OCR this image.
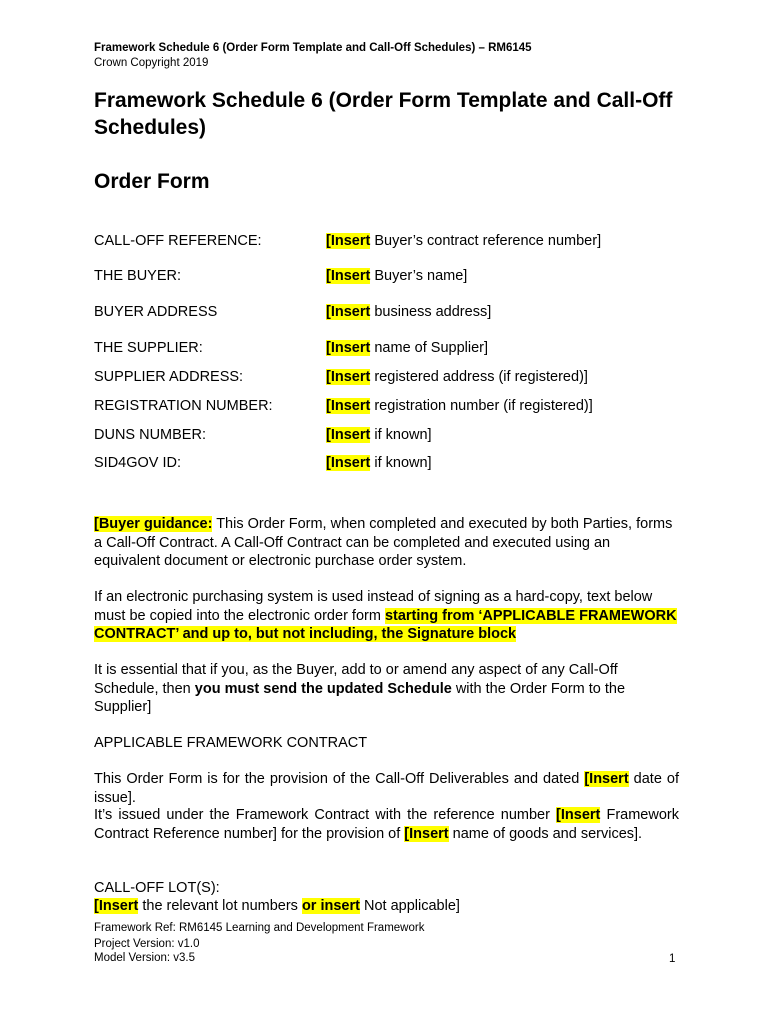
Framework Schedule 6 (Order Form Template and Call-Off Schedules) – RM6145
Crown Copyright 2019
Framework Schedule 6 (Order Form Template and Call-Off Schedules)
Order Form
CALL-OFF REFERENCE:	[Insert Buyer’s contract reference number]
THE BUYER:	[Insert Buyer’s name]
BUYER ADDRESS	[Insert business address]
THE SUPPLIER:	[Insert name of Supplier]
SUPPLIER ADDRESS:	[Insert registered address (if registered)]
REGISTRATION NUMBER:	[Insert registration number (if registered)]
DUNS NUMBER:	[Insert if known]
SID4GOV ID:	[Insert if known]
[Buyer guidance: This Order Form, when completed and executed by both Parties, forms a Call-Off Contract. A Call-Off Contract can be completed and executed using an equivalent document or electronic purchase order system.
If an electronic purchasing system is used instead of signing as a hard-copy, text below must be copied into the electronic order form starting from ‘APPLICABLE FRAMEWORK CONTRACT’ and up to, but not including, the Signature block
It is essential that if you, as the Buyer, add to or amend any aspect of any Call-Off Schedule, then you must send the updated Schedule with the Order Form to the Supplier]
APPLICABLE FRAMEWORK CONTRACT
This Order Form is for the provision of the Call-Off Deliverables and dated [Insert date of issue].
It’s issued under the Framework Contract with the reference number [Insert Framework Contract Reference number] for the provision of [Insert name of goods and services].
CALL-OFF LOT(S):
[Insert the relevant lot numbers or insert Not applicable]
Framework Ref: RM6145 Learning and Development Framework
Project Version: v1.0
Model Version: v3.5	1
